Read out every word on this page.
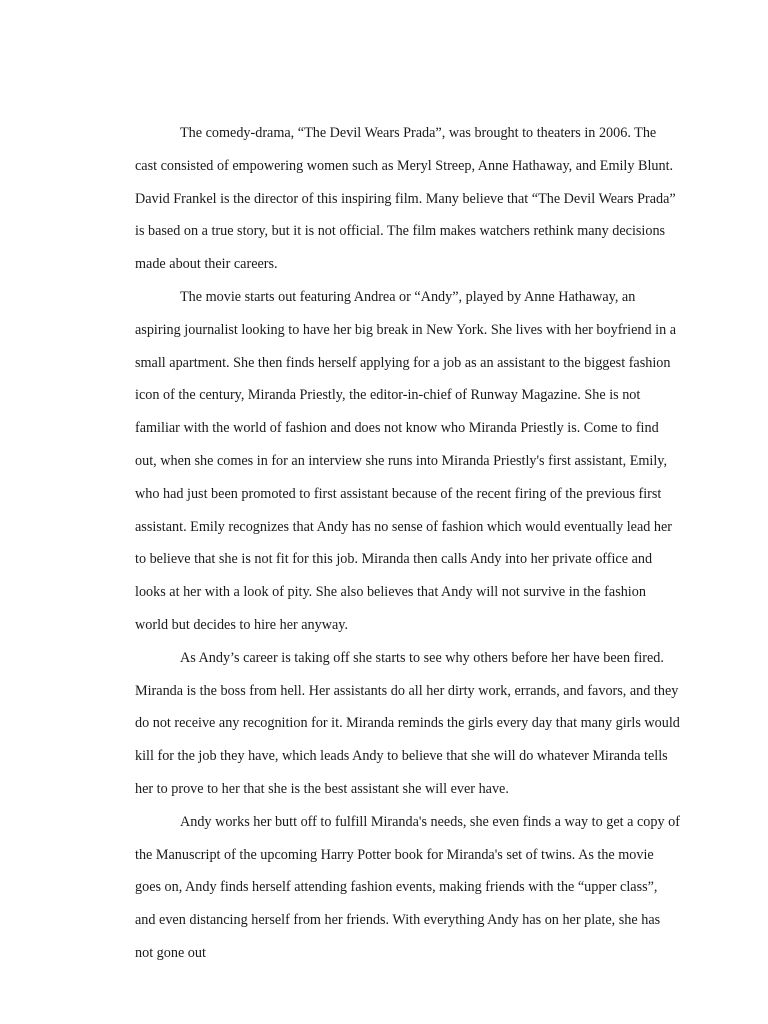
The comedy-drama, “The Devil Wears Prada”, was brought to theaters in 2006. The cast consisted of empowering women such as Meryl Streep, Anne Hathaway, and Emily Blunt. David Frankel is the director of this inspiring film. Many believe that “The Devil Wears Prada” is based on a true story, but it is not official. The film makes watchers rethink many decisions made about their careers.

The movie starts out featuring Andrea or “Andy”, played by Anne Hathaway, an aspiring journalist looking to have her big break in New York. She lives with her boyfriend in a small apartment. She then finds herself applying for a job as an assistant to the biggest fashion icon of the century, Miranda Priestly, the editor-in-chief of Runway Magazine. She is not familiar with the world of fashion and does not know who Miranda Priestly is. Come to find out, when she comes in for an interview she runs into Miranda Priestly's first assistant, Emily, who had just been promoted to first assistant because of the recent firing of the previous first assistant. Emily recognizes that Andy has no sense of fashion which would eventually lead her to believe that she is not fit for this job. Miranda then calls Andy into her private office and looks at her with a look of pity. She also believes that Andy will not survive in the fashion world but decides to hire her anyway.

As Andy’s career is taking off she starts to see why others before her have been fired. Miranda is the boss from hell. Her assistants do all her dirty work, errands, and favors, and they do not receive any recognition for it. Miranda reminds the girls every day that many girls would kill for the job they have, which leads Andy to believe that she will do whatever Miranda tells her to prove to her that she is the best assistant she will ever have.

Andy works her butt off to fulfill Miranda's needs, she even finds a way to get a copy of the Manuscript of the upcoming Harry Potter book for Miranda's set of twins. As the movie goes on, Andy finds herself attending fashion events, making friends with the “upper class”, and even distancing herself from her friends. With everything Andy has on her plate, she has not gone out
